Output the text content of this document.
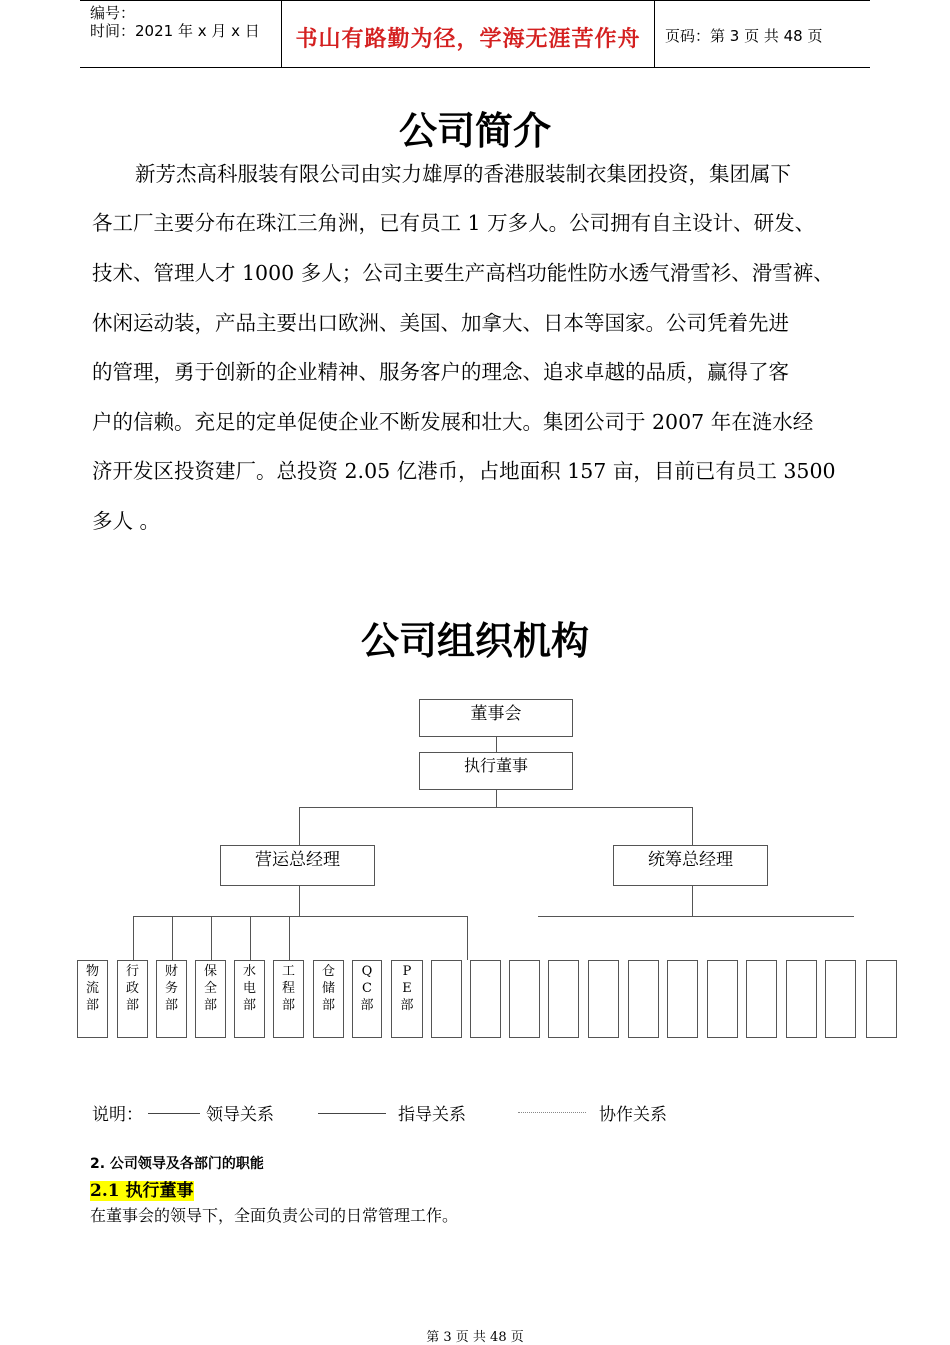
编号：
时间：2021 年 x 月 x 日	书山有路勤为径，学海无涯苦作舟	页码：第 3 页 共 48 页
公司简介
新芳杰高科服装有限公司由实力雄厚的香港服装制衣集团投资，集团属下
各工厂主要分布在珠江三角洲，已有员工 1 万多人。公司拥有自主设计、研发、
技术、管理人才 1000 多人；公司主要生产高档功能性防水透气滑雪衫、滑雪裤、
休闲运动装，产品主要出口欧洲、美国、加拿大、日本等国家。公司凭着先进
的管理，勇于创新的企业精神、服务客户的理念、追求卓越的品质，赢得了客
户的信赖。充足的定单促使企业不断发展和壮大。集团公司于 2007 年在涟水经
济开发区投资建厂。总投资 2.05 亿港币，占地面积 157 亩，目前已有员工 3500
多人 。
公司组织机构
董事会
执行董事
营运总经理	统筹总经理
物
流
部
行
政
部
财
务
部
保
全
部
水
电
部
工
程
部
仓
储
部
Q
C
部
P
E
部
说明：	领导关系	指导关系	协作关系
2. 公司领导及各部门的职能
2.1 执行董事
在董事会的领导下，全面负责公司的日常管理工作。
第 3 页 共 48 页
